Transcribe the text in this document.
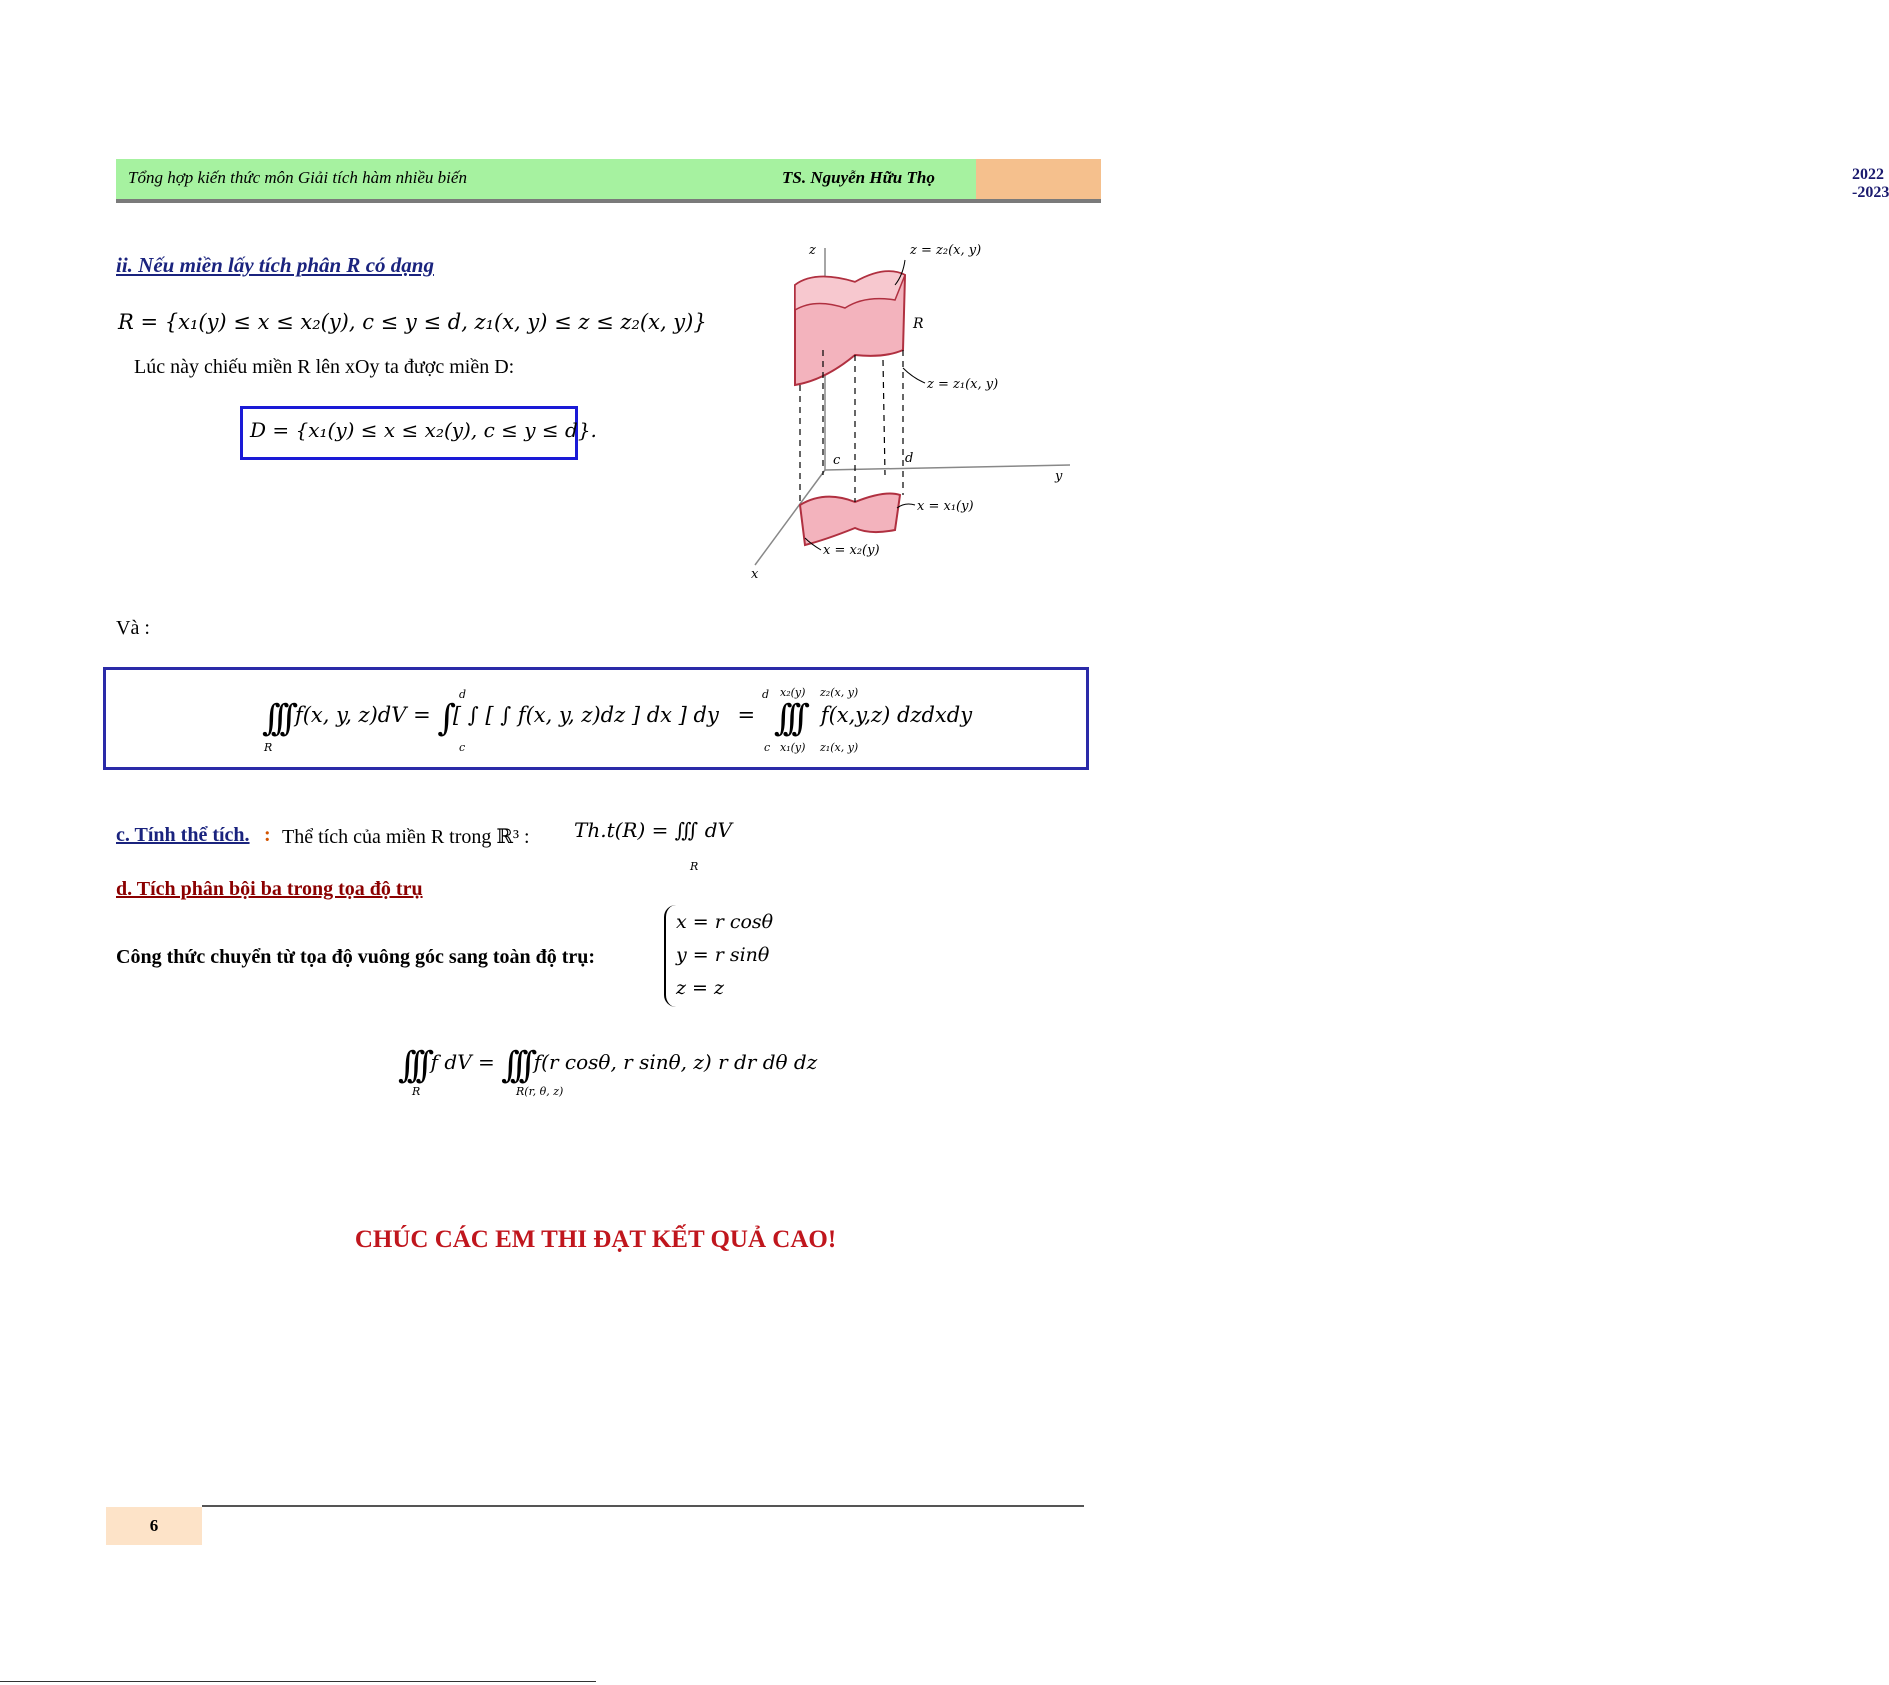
Tổng hợp kiến thức môn Giải tích hàm nhiều biến	TS. Nguyễn Hữu Thọ	2022 -2023
ii. Nếu miền lấy tích phân R có dạng
R = {x₁(y) ≤ x ≤ x₂(y), c ≤ y ≤ d, z₁(x, y) ≤ z ≤ z₂(x, y)}
Lúc này chiếu miền R lên xOy ta được miền D:
D = {x₁(y) ≤ x ≤ x₂(y), c ≤ y ≤ d}.
z
y
x
z = z₂(x, y)
R
z = z₁(x, y)
c	d
x = x₁(y)
x = x₂(y)
Và :
∫∫∫ f(x, y, z)dV = ∫ [ ∫ [ ∫ f(x, y, z)dz ] dx ] dy = ∫∫∫ f(x,y,z) dzdxdy
R
d
c
d
c
x₂(y)
x₁(y)
z₂(x, y)
z₁(x, y)
c. Tính thể tích. : Thể tích của miền R trong ℝ³ : Th.t(R) = ∭ dV
R
d. Tích phân bội ba trong tọa độ trụ
Công thức chuyển từ tọa độ vuông góc sang toàn độ trụ:
x = r cosθ
y = r sinθ
z = z
∫∫∫ f dV = ∫∫∫ f(r cosθ, r sinθ, z) r dr dθ dz
R	R(r, θ, z)
CHÚC CÁC EM THI ĐẠT KẾT QUẢ CAO!
6
